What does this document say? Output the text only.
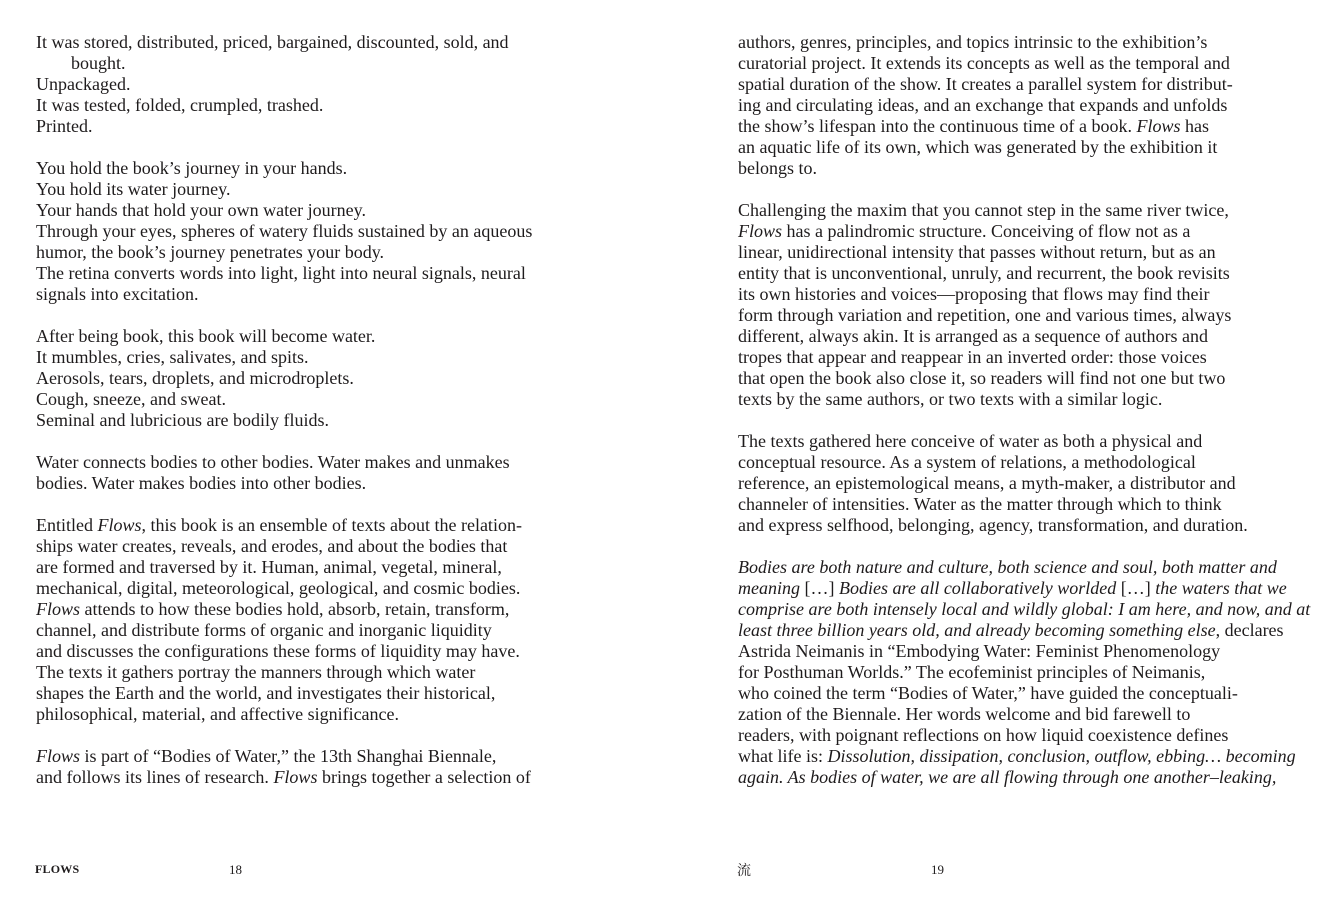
It was stored, distributed, priced, bargained, discounted, sold, and
bought.
Unpackaged.
It was tested, folded, crumpled, trashed.
Printed.
You hold the book’s journey in your hands.
You hold its water journey.
Your hands that hold your own water journey.
Through your eyes, spheres of watery fluids sustained by an aqueous
humor, the book’s journey penetrates your body.
The retina converts words into light, light into neural signals, neural
signals into excitation.
After being book, this book will become water.
It mumbles, cries, salivates, and spits.
Aerosols, tears, droplets, and microdroplets.
Cough, sneeze, and sweat.
Seminal and lubricious are bodily fluids.
Water connects bodies to other bodies. Water makes and unmakes
bodies. Water makes bodies into other bodies.
Entitled Flows, this book is an ensemble of texts about the relation-
ships water creates, reveals, and erodes, and about the bodies that
are formed and traversed by it. Human, animal, vegetal, mineral,
mechanical, digital, meteorological, geological, and cosmic bodies.
Flows attends to how these bodies hold, absorb, retain, transform,
channel, and distribute forms of organic and inorganic liquidity
and discusses the configurations these forms of liquidity may have.
The texts it gathers portray the manners through which water
shapes the Earth and the world, and investigates their historical,
philosophical, material, and affective significance.
Flows is part of “Bodies of Water,” the 13th Shanghai Biennale,
and follows its lines of research. Flows brings together a selection of
authors, genres, principles, and topics intrinsic to the exhibition’s
curatorial project. It extends its concepts as well as the temporal and
spatial duration of the show. It creates a parallel system for distribut-
ing and circulating ideas, and an exchange that expands and unfolds
the show’s lifespan into the continuous time of a book. Flows has
an aquatic life of its own, which was generated by the exhibition it
belongs to.
Challenging the maxim that you cannot step in the same river twice,
Flows has a palindromic structure. Conceiving of flow not as a
linear, unidirectional intensity that passes without return, but as an
entity that is unconventional, unruly, and recurrent, the book revisits
its own histories and voices—proposing that flows may find their
form through variation and repetition, one and various times, always
different, always akin. It is arranged as a sequence of authors and
tropes that appear and reappear in an inverted order: those voices
that open the book also close it, so readers will find not one but two
texts by the same authors, or two texts with a similar logic.
The texts gathered here conceive of water as both a physical and
conceptual resource. As a system of relations, a methodological
reference, an epistemological means, a myth-maker, a distributor and
channeler of intensities. Water as the matter through which to think
and express selfhood, belonging, agency, transformation, and duration.
Bodies are both nature and culture, both science and soul, both matter and
meaning […] Bodies are all collaboratively worlded […] the waters that we
comprise are both intensely local and wildly global: I am here, and now, and at
least three billion years old, and already becoming something else, declares
Astrida Neimanis in “Embodying Water: Feminist Phenomenology
for Posthuman Worlds.” The ecofeminist principles of Neimanis,
who coined the term “Bodies of Water,” have guided the conceptuali-
zation of the Biennale. Her words welcome and bid farewell to
readers, with poignant reflections on how liquid coexistence defines
what life is: Dissolution, dissipation, conclusion, outflow, ebbing… becoming
again. As bodies of water, we are all flowing through one another–leaking,
FLOWS	18	流	19
